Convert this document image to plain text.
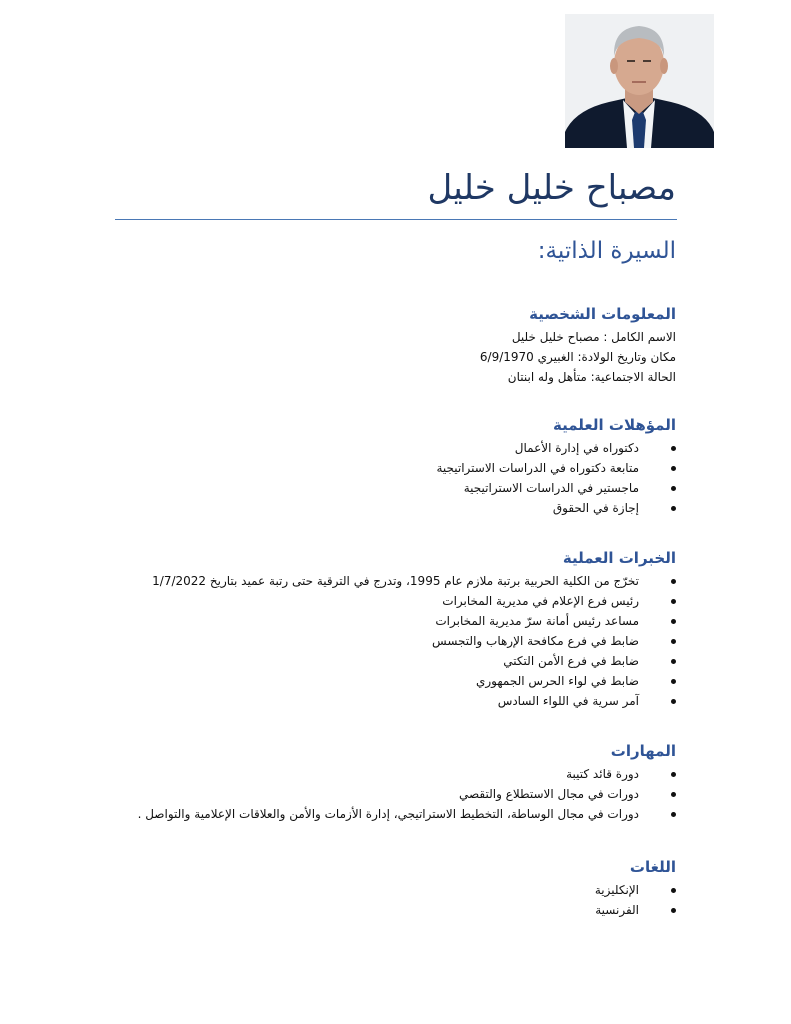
مصباح خليل خليل
السيرة الذاتية:
المعلومات الشخصية
الاسم الكامل : مصباح خليل خليل
مكان وتاريخ الولادة: الغبيري 6/9/1970
الحالة الاجتماعية: متأهل وله ابنتان
المؤهلات العلمية
دكتوراه في إدارة الأعمال
متابعة دكتوراه في الدراسات الاستراتيجية
ماجستير في الدراسات الاستراتيجية
إجازة في الحقوق
الخبرات العملية
تخرّج من الكلية الحربية برتبة ملازم عام 1995، وتدرج في الترقية حتى رتبة عميد بتاريخ 1/7/2022
رئيس فرع الإعلام في مديرية المخابرات
مساعد رئيس أمانة سرّ مديرية المخابرات
ضابط في فرع مكافحة الإرهاب والتجسس
ضابط في فرع الأمن التكتي
ضابط في لواء الحرس الجمهوري
آمر سرية في اللواء السادس
المهارات
دورة قائد كتيبة
دورات في مجال الاستطلاع والتقصي
دورات في مجال الوساطة، التخطيط الاستراتيجي، إدارة الأزمات والأمن والعلاقات الإعلامية والتواصل .
اللغات
الإنكليزية
الفرنسية
